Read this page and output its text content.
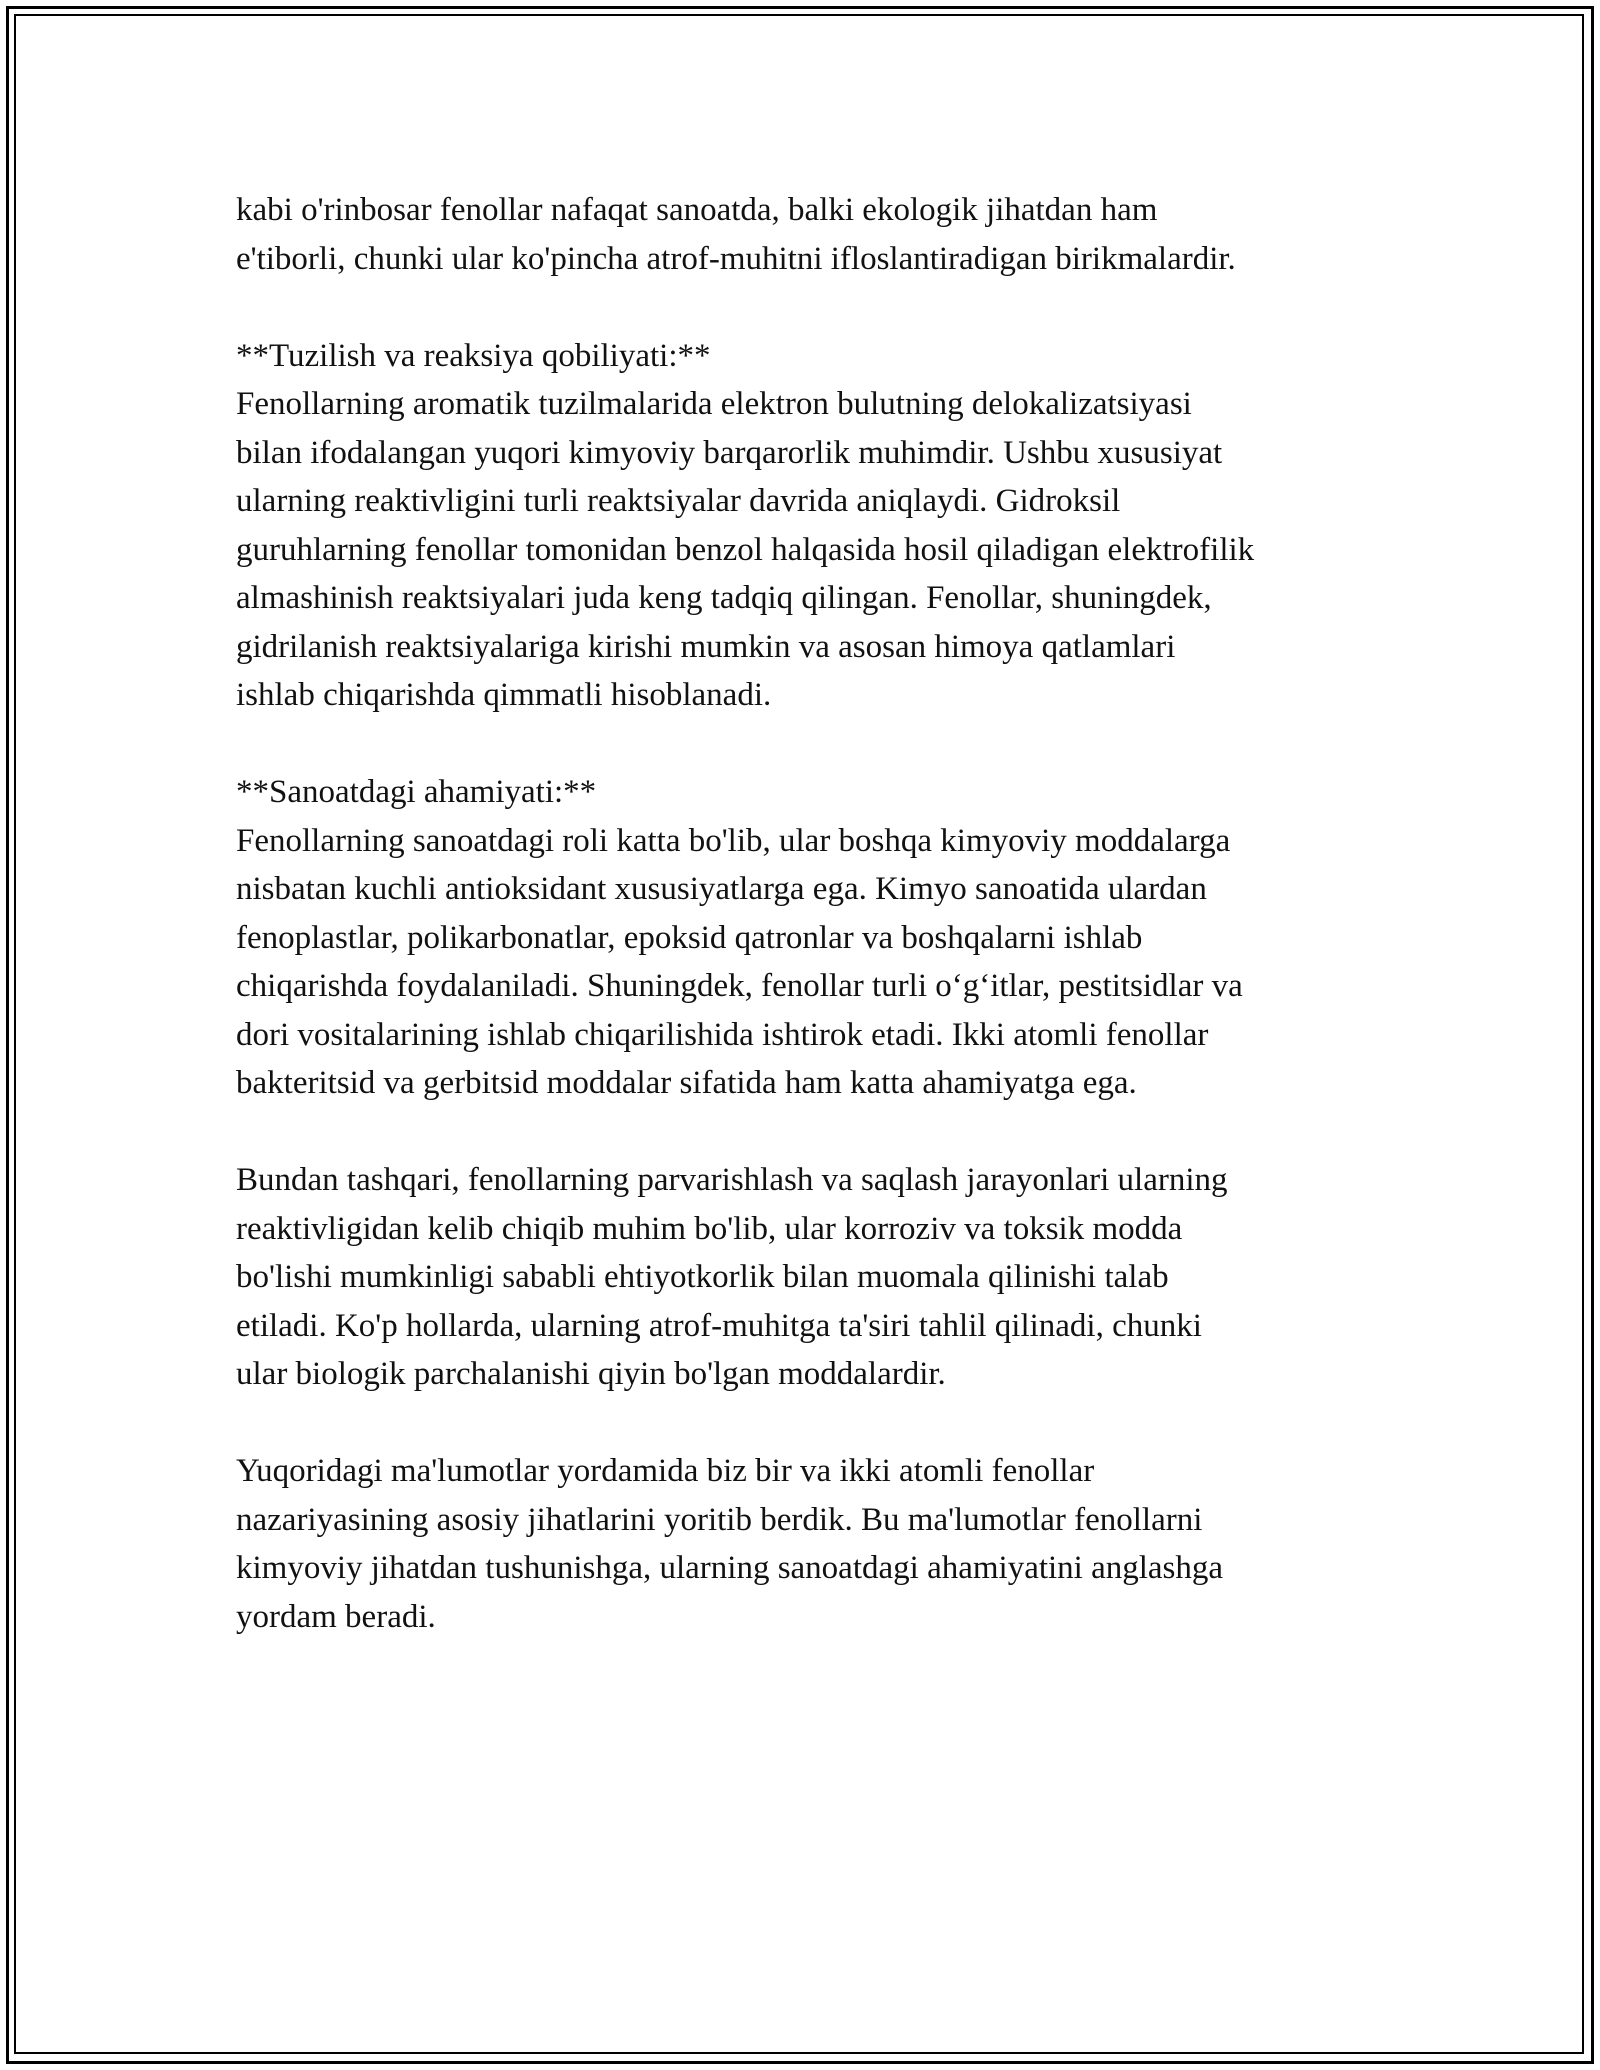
kabi o'rinbosar fenollar nafaqat sanoatda, balki ekologik jihatdan ham
e'tiborli, chunki ular ko'pincha atrof-muhitni ifloslantiradigan birikmalardir.
**Tuzilish va reaksiya qobiliyati:**
Fenollarning aromatik tuzilmalarida elektron bulutning delokalizatsiyasi
bilan ifodalangan yuqori kimyoviy barqarorlik muhimdir. Ushbu xususiyat
ularning reaktivligini turli reaktsiyalar davrida aniqlaydi. Gidroksil
guruhlarning fenollar tomonidan benzol halqasida hosil qiladigan elektrofilik
almashinish reaktsiyalari juda keng tadqiq qilingan. Fenollar, shuningdek,
gidrilanish reaktsiyalariga kirishi mumkin va asosan himoya qatlamlari
ishlab chiqarishda qimmatli hisoblanadi.
**Sanoatdagi ahamiyati:**
Fenollarning sanoatdagi roli katta bo'lib, ular boshqa kimyoviy moddalarga
nisbatan kuchli antioksidant xususiyatlarga ega. Kimyo sanoatida ulardan
fenoplastlar, polikarbonatlar, epoksid qatronlar va boshqalarni ishlab
chiqarishda foydalaniladi. Shuningdek, fenollar turli o‘g‘itlar, pestitsidlar va
dori vositalarining ishlab chiqarilishida ishtirok etadi. Ikki atomli fenollar
bakteritsid va gerbitsid moddalar sifatida ham katta ahamiyatga ega.
Bundan tashqari, fenollarning parvarishlash va saqlash jarayonlari ularning
reaktivligidan kelib chiqib muhim bo'lib, ular korroziv va toksik modda
bo'lishi mumkinligi sababli ehtiyotkorlik bilan muomala qilinishi talab
etiladi. Ko'p hollarda, ularning atrof-muhitga ta'siri tahlil qilinadi, chunki
ular biologik parchalanishi qiyin bo'lgan moddalardir.
Yuqoridagi ma'lumotlar yordamida biz bir va ikki atomli fenollar
nazariyasining asosiy jihatlarini yoritib berdik. Bu ma'lumotlar fenollarni
kimyoviy jihatdan tushunishga, ularning sanoatdagi ahamiyatini anglashga
yordam beradi.
